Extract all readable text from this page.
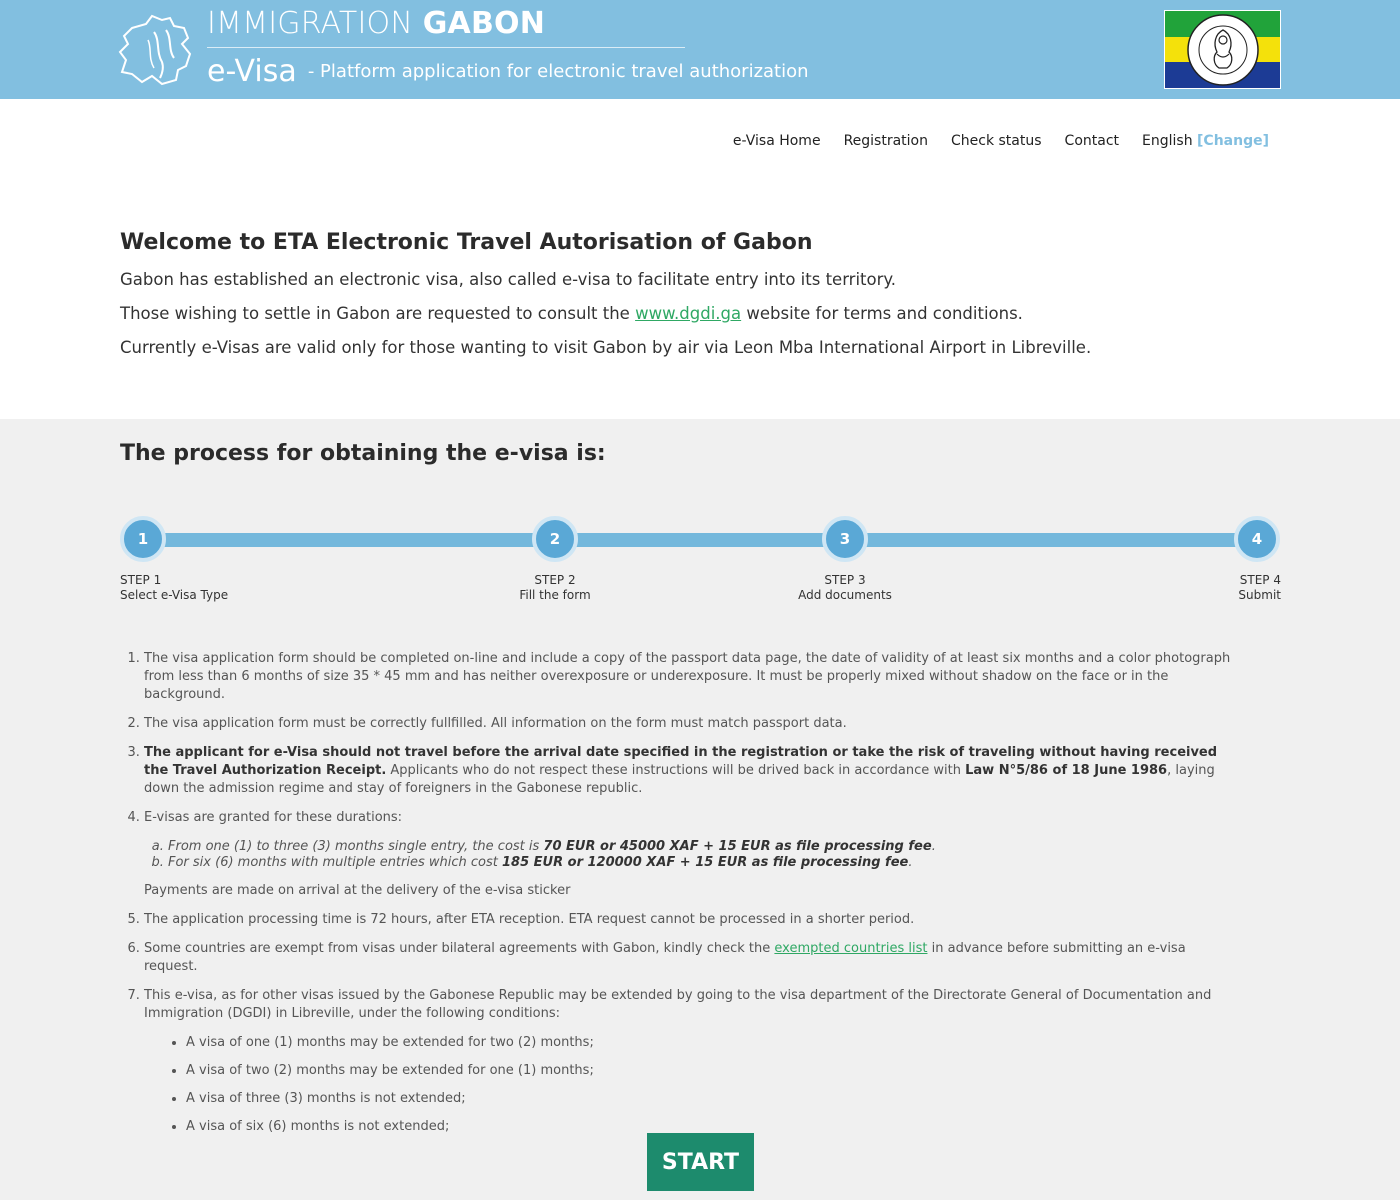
IMMIGRATION GABON
e-Visa - Platform application for electronic travel authorization
e-Visa Home Registration Check status Contact English [Change]
Welcome to ETA Electronic Travel Autorisation of Gabon
Gabon has established an electronic visa, also called e-visa to facilitate entry into its territory.
Those wishing to settle in Gabon are requested to consult the www.dgdi.ga website for terms and conditions.
Currently e-Visas are valid only for those wanting to visit Gabon by air via Leon Mba International Airport in Libreville.
The process for obtaining the e-visa is:
1	2	3	4
STEP 1
Select e-Visa Type
STEP 2
Fill the form
STEP 3
Add documents
STEP 4
Submit
1. The visa application form should be completed on-line and include a copy of the passport data page, the date of validity of at least six months and a color photograph from less than 6 months of size 35 * 45 mm and has neither overexposure or underexposure. It must be properly mixed without shadow on the face or in the background.
2. The visa application form must be correctly fullfilled. All information on the form must match passport data.
3. The applicant for e-Visa should not travel before the arrival date specified in the registration or take the risk of traveling without having received the Travel Authorization Receipt. Applicants who do not respect these instructions will be drived back in accordance with Law N°5/86 of 18 June 1986, laying down the admission regime and stay of foreigners in the Gabonese republic.
4. E-visas are granted for these durations:
a. From one (1) to three (3) months single entry, the cost is 70 EUR or 45000 XAF + 15 EUR as file processing fee.
b. For six (6) months with multiple entries which cost 185 EUR or 120000 XAF + 15 EUR as file processing fee.
Payments are made on arrival at the delivery of the e-visa sticker
5. The application processing time is 72 hours, after ETA reception. ETA request cannot be processed in a shorter period.
6. Some countries are exempt from visas under bilateral agreements with Gabon, kindly check the exempted countries list in advance before submitting an e-visa request.
7. This e-visa, as for other visas issued by the Gabonese Republic may be extended by going to the visa department of the Directorate General of Documentation and Immigration (DGDI) in Libreville, under the following conditions:
• A visa of one (1) months may be extended for two (2) months;
• A visa of two (2) months may be extended for one (1) months;
• A visa of three (3) months is not extended;
• A visa of six (6) months is not extended;
START
